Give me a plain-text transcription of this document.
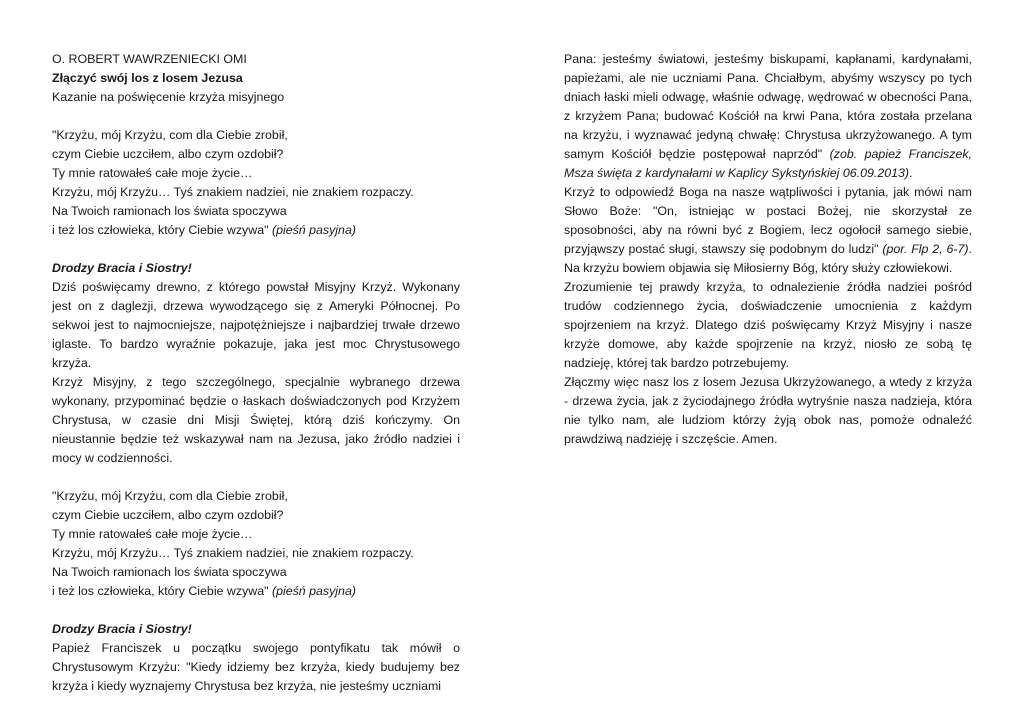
O. ROBERT WAWRZENIECKI OMI

Złączyć swój los z losem Jezusa

Kazanie na poświęcenie krzyża misyjnego

"Krzyżu, mój Krzyżu, com dla Ciebie zrobił,
czym Ciebie uczciłem, albo czym ozdobił?
Ty mnie ratowałeś całe moje życie…
Krzyżu, mój Krzyżu… Tyś znakiem nadziei, nie znakiem rozpaczy.
Na Twoich ramionach los świata spoczywa
i też los człowieka, który Ciebie wzywa" (pieśń pasyjna)

Drodzy Bracia i Siostry!

Dziś poświęcamy drewno, z którego powstał Misyjny Krzyż. Wykonany jest on z daglezji, drzewa wywodzącego się z Ameryki Północnej. Po sekwoi jest to najmocniejsze, najpotężniejsze i najbardziej trwałe drzewo iglaste. To bardzo wyraźnie pokazuje, jaka jest moc Chrystusowego krzyża.

Krzyż Misyjny, z tego szczególnego, specjalnie wybranego drzewa wykonany, przypominać będzie o łaskach doświadczonych pod Krzyżem Chrystusa, w czasie dni Misji Świętej, którą dziś kończymy. On nieustannie będzie też wskazywał nam na Jezusa, jako źródło nadziei i mocy w codzienności.

"Krzyżu, mój Krzyżu, com dla Ciebie zrobił,
czym Ciebie uczciłem, albo czym ozdobił?
Ty mnie ratowałeś całe moje życie…
Krzyżu, mój Krzyżu… Tyś znakiem nadziei, nie znakiem rozpaczy.
Na Twoich ramionach los świata spoczywa
i też los człowieka, który Ciebie wzywa" (pieśń pasyjna)

Drodzy Bracia i Siostry!

Papież Franciszek u początku swojego pontyfikatu tak mówił o Chrystusowym Krzyżu: "Kiedy idziemy bez krzyża, kiedy budujemy bez krzyża i kiedy wyznajemy Chrystusa bez krzyża, nie jesteśmy uczniami

Pana: jesteśmy światowi, jesteśmy biskupami, kapłanami, kardynałami, papieżami, ale nie uczniami Pana. Chciałbym, abyśmy wszyscy po tych dniach łaski mieli odwagę, właśnie odwagę, wędrować w obecności Pana, z krzyżem Pana; budować Kościół na krwi Pana, która została przelana na krzyżu, i wyznawać jedyną chwałę: Chrystusa ukrzyżowanego. A tym samym Kościół będzie postępował naprzód" (zob. papież Franciszek, Msza święta z kardynałami w Kaplicy Sykstyńskiej 06.09.2013).

Krzyż to odpowiedź Boga na nasze wątpliwości i pytania, jak mówi nam Słowo Boże: "On, istniejąc w postaci Bożej, nie skorzystał ze sposobności, aby na równi być z Bogiem, lecz ogołocił samego siebie, przyjąwszy postać sługi, stawszy się podobnym do ludzi" (por. Flp 2, 6-7). Na krzyżu bowiem objawia się Miłosierny Bóg, który służy człowiekowi.

Zrozumienie tej prawdy krzyża, to odnalezienie źródła nadziei pośród trudów codziennego życia, doświadczenie umocnienia z każdym spojrzeniem na krzyż. Dlatego dziś poświęcamy Krzyż Misyjny i nasze krzyże domowe, aby każde spojrzenie na krzyż, niosło ze sobą tę nadzieję, której tak bardzo potrzebujemy.

Złączmy więc nasz los z losem Jezusa Ukrzyżowanego, a wtedy z krzyża - drzewa życia, jak z życiodajnego źródła wytryśnie nasza nadzieja, która nie tylko nam, ale ludziom którzy żyją obok nas, pomoże odnaleźć prawdziwą nadzieję i szczęście. Amen.
